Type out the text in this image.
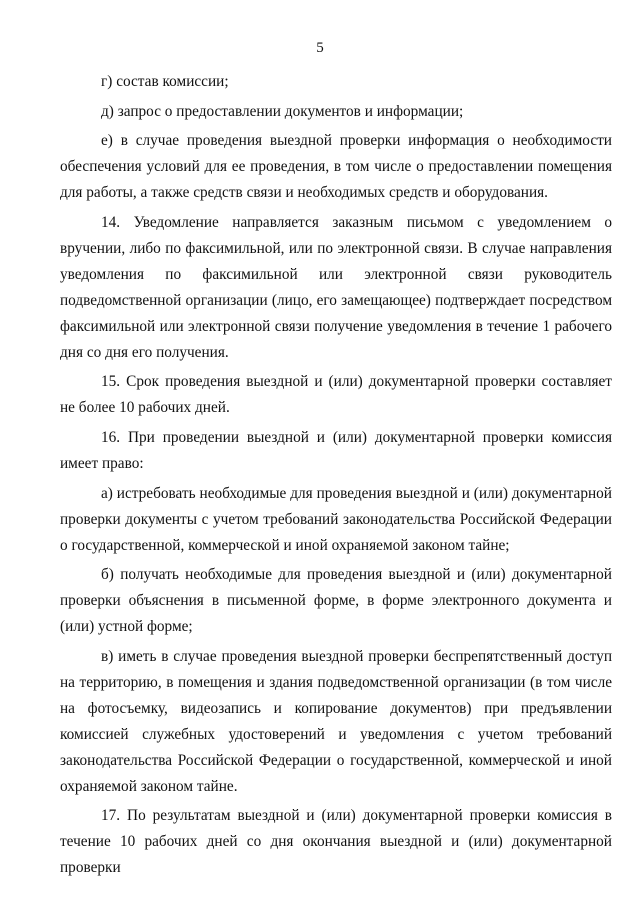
5

г) состав комиссии;

д) запрос о предоставлении документов и информации;

е) в случае проведения выездной проверки информация о необходимости обеспечения условий для ее проведения, в том числе о предоставлении помещения для работы, а также средств связи и необходимых средств и оборудования.

14. Уведомление направляется заказным письмом с уведомлением о вручении, либо по факсимильной, или по электронной связи. В случае направления уведомления по факсимильной или электронной связи руководитель подведомственной организации (лицо, его замещающее) подтверждает посредством факсимильной или электронной связи получение уведомления в течение 1 рабочего дня со дня его получения.

15. Срок проведения выездной и (или) документарной проверки составляет не более 10 рабочих дней.

16. При проведении выездной и (или) документарной проверки комиссия имеет право:

а) истребовать необходимые для проведения выездной и (или) документарной проверки документы с учетом требований законодательства Российской Федерации о государственной, коммерческой и иной охраняемой законом тайне;

б) получать необходимые для проведения выездной и (или) документарной проверки объяснения в письменной форме, в форме электронного документа и (или) устной форме;

в) иметь в случае проведения выездной проверки беспрепятственный доступ на территорию, в помещения и здания подведомственной организации (в том числе на фотосъемку, видеозапись и копирование документов) при предъявлении комиссией служебных удостоверений и уведомления с учетом требований законодательства Российской Федерации о государственной, коммерческой и иной охраняемой законом тайне.

17. По результатам выездной и (или) документарной проверки комиссия в течение 10 рабочих дней со дня окончания выездной и (или) документарной проверки
